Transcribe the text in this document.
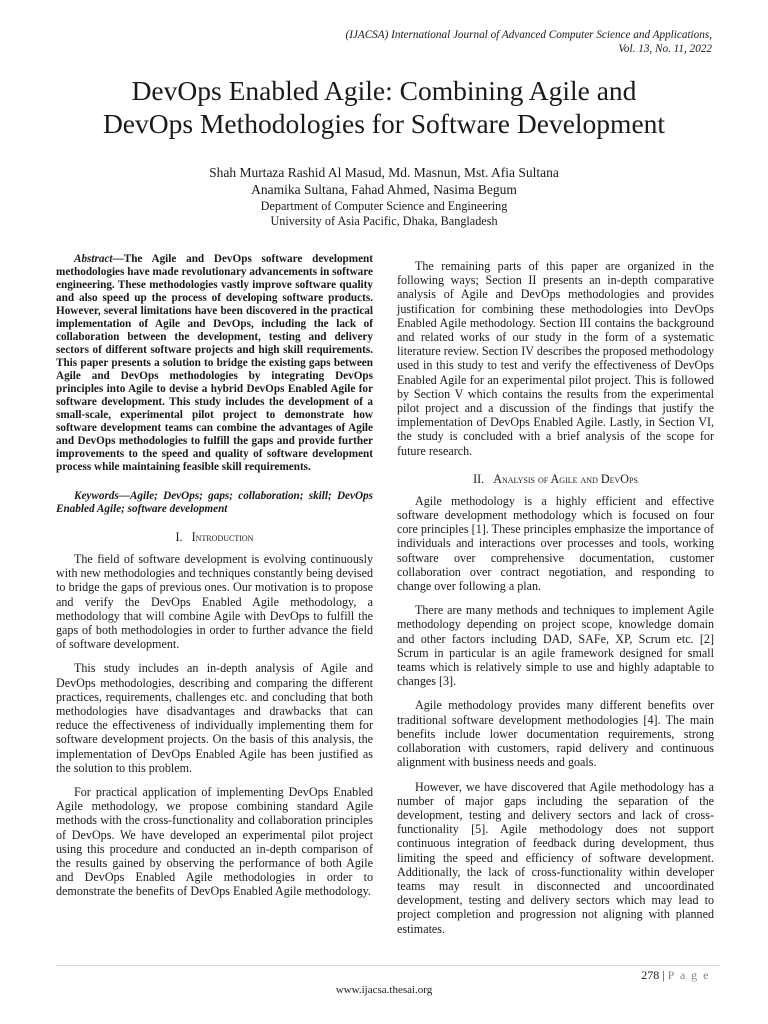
(IJACSA) International Journal of Advanced Computer Science and Applications,
Vol. 13, No. 11, 2022
DevOps Enabled Agile: Combining Agile and
DevOps Methodologies for Software Development
Shah Murtaza Rashid Al Masud, Md. Masnun, Mst. Afia Sultana
Anamika Sultana, Fahad Ahmed, Nasima Begum
Department of Computer Science and Engineering
University of Asia Pacific, Dhaka, Bangladesh

Abstract—The Agile and DevOps software development methodologies have made revolutionary advancements in software engineering. These methodologies vastly improve software quality and also speed up the process of developing software products. However, several limitations have been discovered in the practical implementation of Agile and DevOps, including the lack of collaboration between the development, testing and delivery sectors of different software projects and high skill requirements. This paper presents a solution to bridge the existing gaps between Agile and DevOps methodologies by integrating DevOps principles into Agile to devise a hybrid DevOps Enabled Agile for software development. This study includes the development of a small-scale, experimental pilot project to demonstrate how software development teams can combine the advantages of Agile and DevOps methodologies to fulfill the gaps and provide further improvements to the speed and quality of software development process while maintaining feasible skill requirements.

Keywords—Agile; DevOps; gaps; collaboration; skill; DevOps Enabled Agile; software development

I. Introduction

The field of software development is evolving continuously with new methodologies and techniques constantly being devised to bridge the gaps of previous ones. Our motivation is to propose and verify the DevOps Enabled Agile methodology, a methodology that will combine Agile with DevOps to fulfill the gaps of both methodologies in order to further advance the field of software development.

This study includes an in-depth analysis of Agile and DevOps methodologies, describing and comparing the different practices, requirements, challenges etc. and concluding that both methodologies have disadvantages and drawbacks that can reduce the effectiveness of individually implementing them for software development projects. On the basis of this analysis, the implementation of DevOps Enabled Agile has been justified as the solution to this problem.

For practical application of implementing DevOps Enabled Agile methodology, we propose combining standard Agile methods with the cross-functionality and collaboration principles of DevOps. We have developed an experimental pilot project using this procedure and conducted an in-depth comparison of the results gained by observing the performance of both Agile and DevOps Enabled Agile methodologies in order to demonstrate the benefits of DevOps Enabled Agile methodology.

The remaining parts of this paper are organized in the following ways; Section II presents an in-depth comparative analysis of Agile and DevOps methodologies and provides justification for combining these methodologies into DevOps Enabled Agile methodology. Section III contains the background and related works of our study in the form of a systematic literature review. Section IV describes the proposed methodology used in this study to test and verify the effectiveness of DevOps Enabled Agile for an experimental pilot project. This is followed by Section V which contains the results from the experimental pilot project and a discussion of the findings that justify the implementation of DevOps Enabled Agile. Lastly, in Section VI, the study is concluded with a brief analysis of the scope for future research.

II. Analysis of Agile and DevOps

Agile methodology is a highly efficient and effective software development methodology which is focused on four core principles [1]. These principles emphasize the importance of individuals and interactions over processes and tools, working software over comprehensive documentation, customer collaboration over contract negotiation, and responding to change over following a plan.

There are many methods and techniques to implement Agile methodology depending on project scope, knowledge domain and other factors including DAD, SAFe, XP, Scrum etc. [2] Scrum in particular is an agile framework designed for small teams which is relatively simple to use and highly adaptable to changes [3].

Agile methodology provides many different benefits over traditional software development methodologies [4]. The main benefits include lower documentation requirements, strong collaboration with customers, rapid delivery and continuous alignment with business needs and goals.

However, we have discovered that Agile methodology has a number of major gaps including the separation of the development, testing and delivery sectors and lack of cross-functionality [5]. Agile methodology does not support continuous integration of feedback during development, thus limiting the speed and efficiency of software development. Additionally, the lack of cross-functionality within developer teams may result in disconnected and uncoordinated development, testing and delivery sectors which may lead to project completion and progression not aligning with planned estimates.

278 | P a g e
www.ijacsa.thesai.org
